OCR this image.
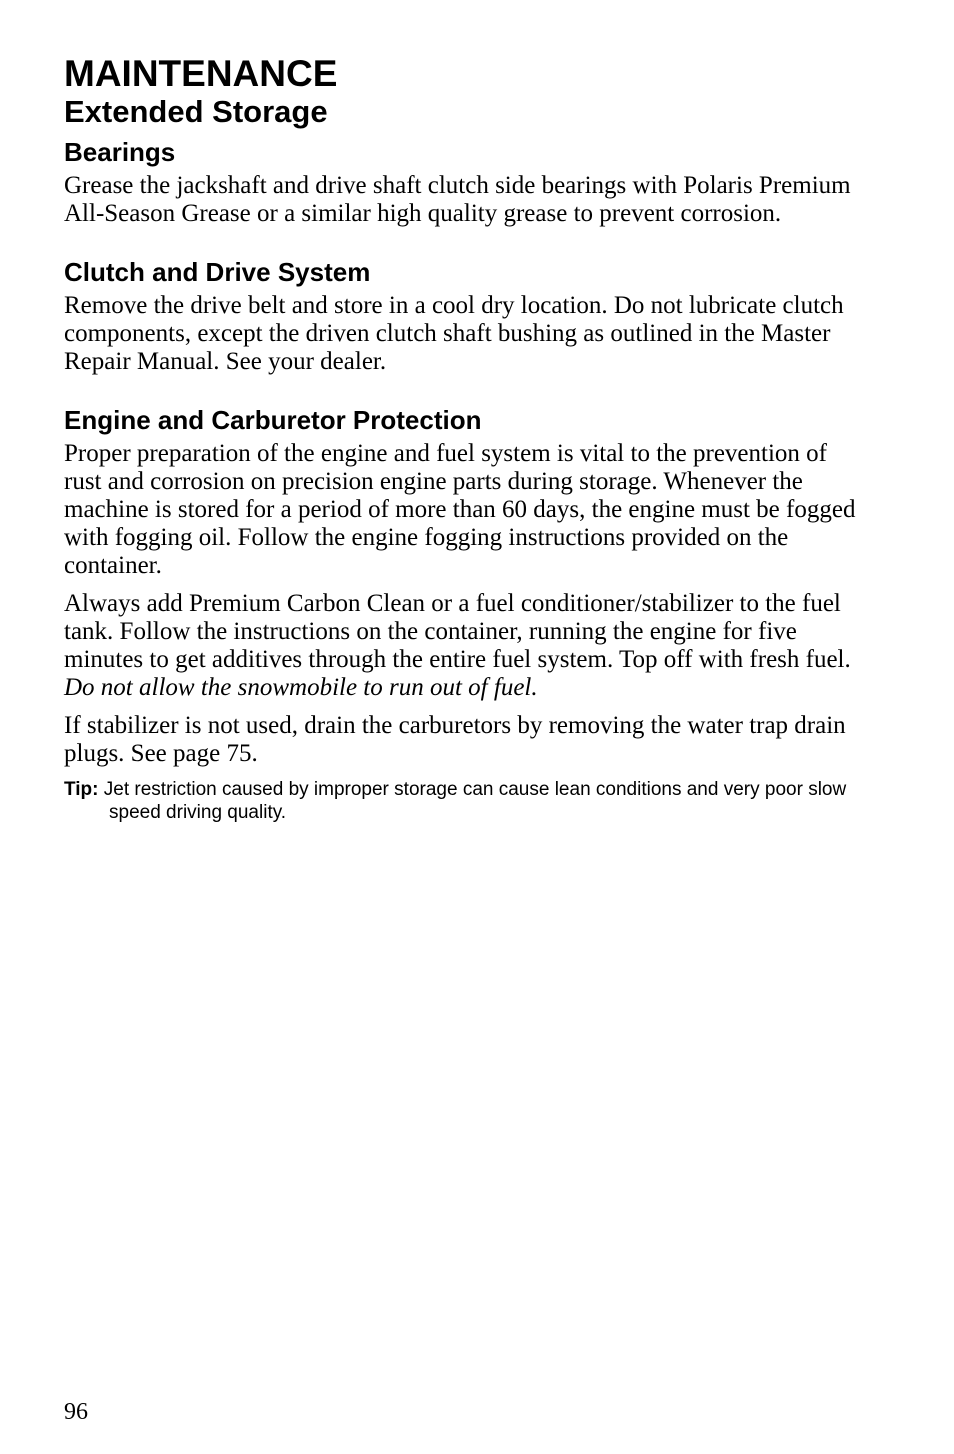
MAINTENANCE
Extended Storage
Bearings

Grease the jackshaft and drive shaft clutch side bearings with Polaris Premium All-Season Grease or a similar high quality grease to prevent corrosion.

Clutch and Drive System

Remove the drive belt and store in a cool dry location. Do not lubricate clutch components, except the driven clutch shaft bushing as outlined in the Master Repair Manual. See your dealer.

Engine and Carburetor Protection

Proper preparation of the engine and fuel system is vital to the prevention of rust and corrosion on precision engine parts during storage. Whenever the machine is stored for a period of more than 60 days, the engine must be fogged with fogging oil. Follow the engine fogging instructions provided on the container.

Always add Premium Carbon Clean or a fuel conditioner/stabilizer to the fuel tank. Follow the instructions on the container, running the engine for five minutes to get additives through the entire fuel system. Top off with fresh fuel. Do not allow the snowmobile to run out of fuel.

If stabilizer is not used, drain the carburetors by removing the water trap drain plugs. See page 75.

Tip: Jet restriction caused by improper storage can cause lean conditions and very poor slow speed driving quality.
96
